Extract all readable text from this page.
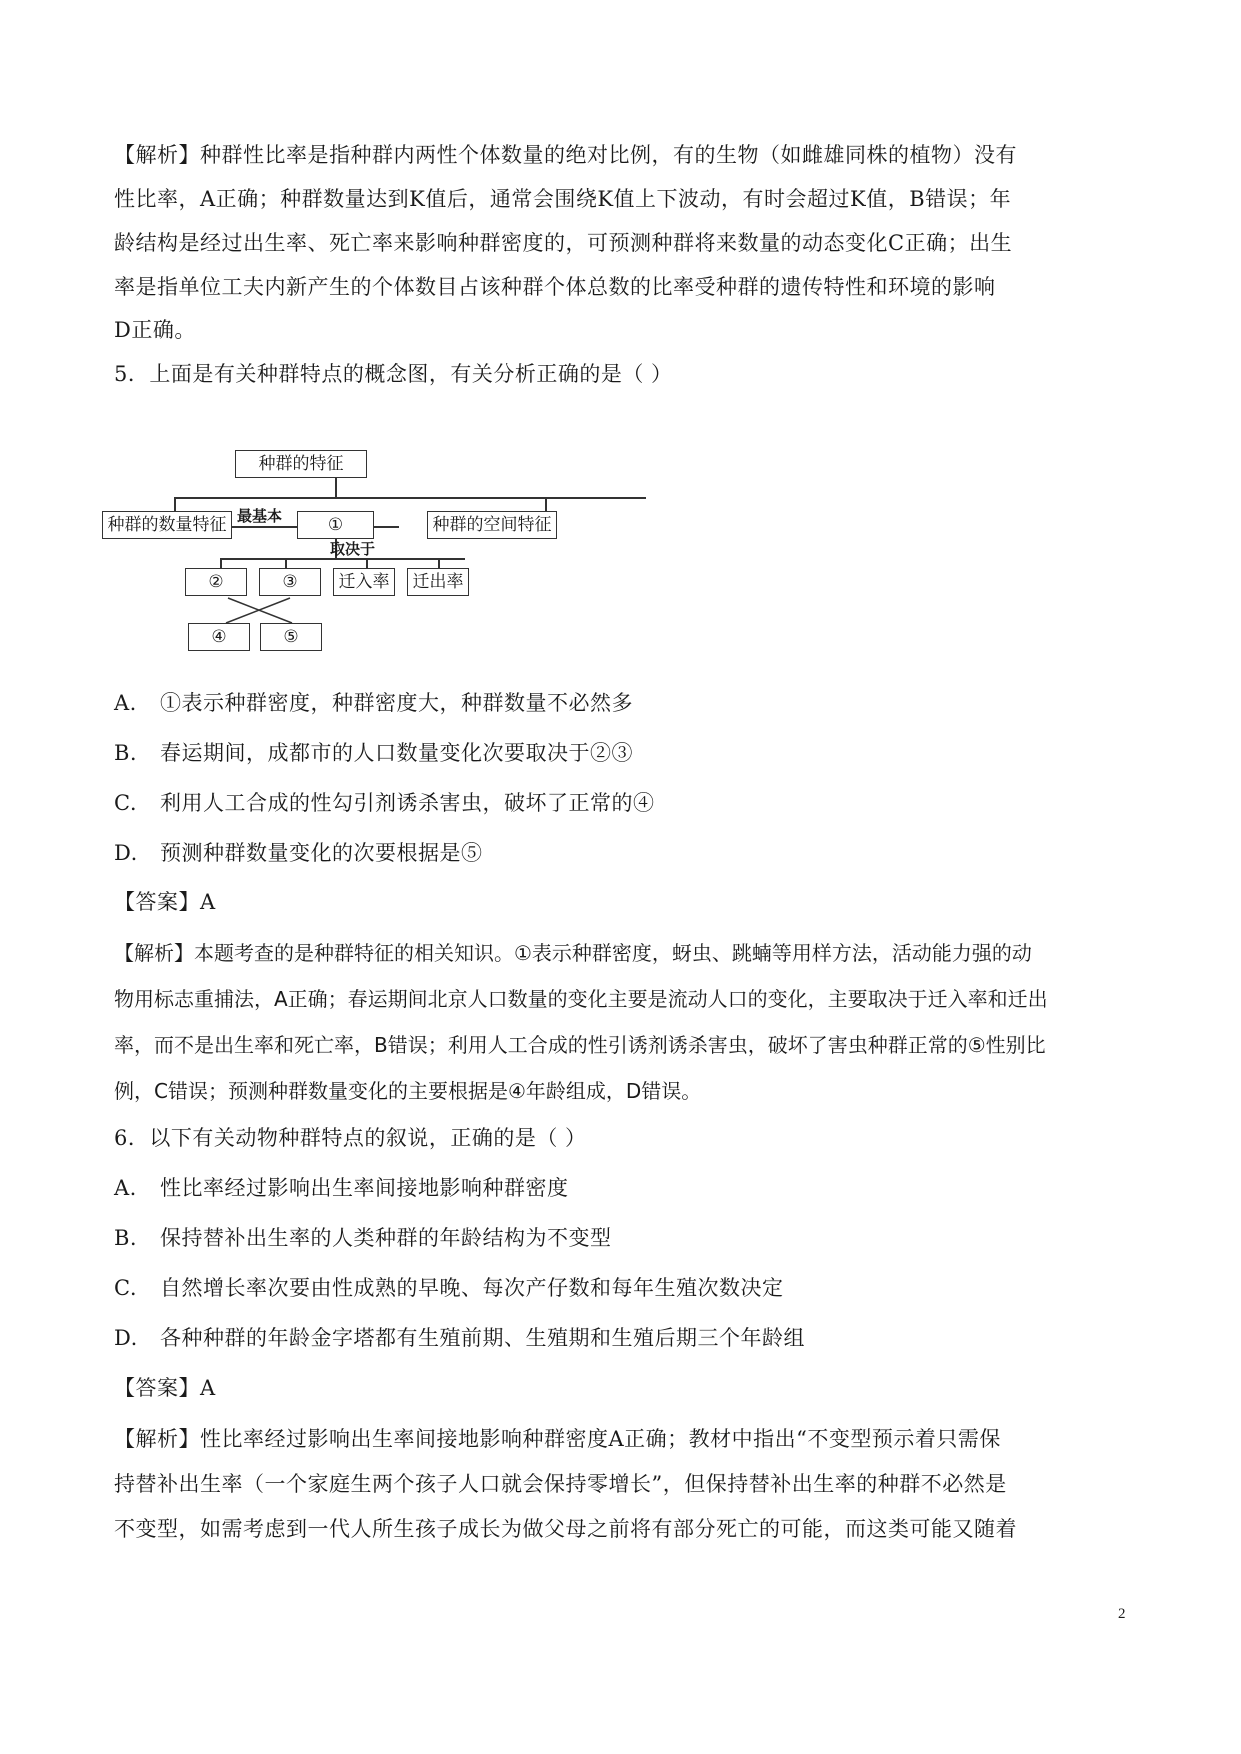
【解析】种群性比率是指种群内两性个体数量的绝对比例，有的生物（如雌雄同株的植物）没有
性比率，A正确；种群数量达到K值后，通常会围绕K值上下波动，有时会超过K值，B错误；年
龄结构是经过出生率、死亡率来影响种群密度的，可预测种群将来数量的动态变化C正确；出生
率是指单位工夫内新产生的个体数目占该种群个体总数的比率受种群的遗传特性和环境的影响
D正确。
5．上面是有关种群特点的概念图，有关分析正确的是（ ）
种群的特征
种群的数量特征 最基本	①	种群的空间特征
取决于
②	③	迁入率	迁出率
④	⑤
A. ①表示种群密度，种群密度大，种群数量不必然多
B. 春运期间，成都市的人口数量变化次要取决于②③
C. 利用人工合成的性勾引剂诱杀害虫，破坏了正常的④
D. 预测种群数量变化的次要根据是⑤
【答案】A
【解析】本题考查的是种群特征的相关知识。①表示种群密度，蚜虫、跳蝻等用样方法，活动能力强的动
物用标志重捕法，A正确；春运期间北京人口数量的变化主要是流动人口的变化，主要取决于迁入率和迁出
率，而不是出生率和死亡率，B错误；利用人工合成的性引诱剂诱杀害虫，破坏了害虫种群正常的⑤性别比
例，C错误；预测种群数量变化的主要根据是④年龄组成，D错误。
6．以下有关动物种群特点的叙说，正确的是（ ）
A. 性比率经过影响出生率间接地影响种群密度
B. 保持替补出生率的人类种群的年龄结构为不变型
C. 自然增长率次要由性成熟的早晚、每次产仔数和每年生殖次数决定
D. 各种种群的年龄金字塔都有生殖前期、生殖期和生殖后期三个年龄组
【答案】A
【解析】性比率经过影响出生率间接地影响种群密度A正确；教材中指出“不变型预示着只需保
持替补出生率（一个家庭生两个孩子人口就会保持零增长”，但保持替补出生率的种群不必然是
不变型，如需考虑到一代人所生孩子成长为做父母之前将有部分死亡的可能，而这类可能又随着
2
